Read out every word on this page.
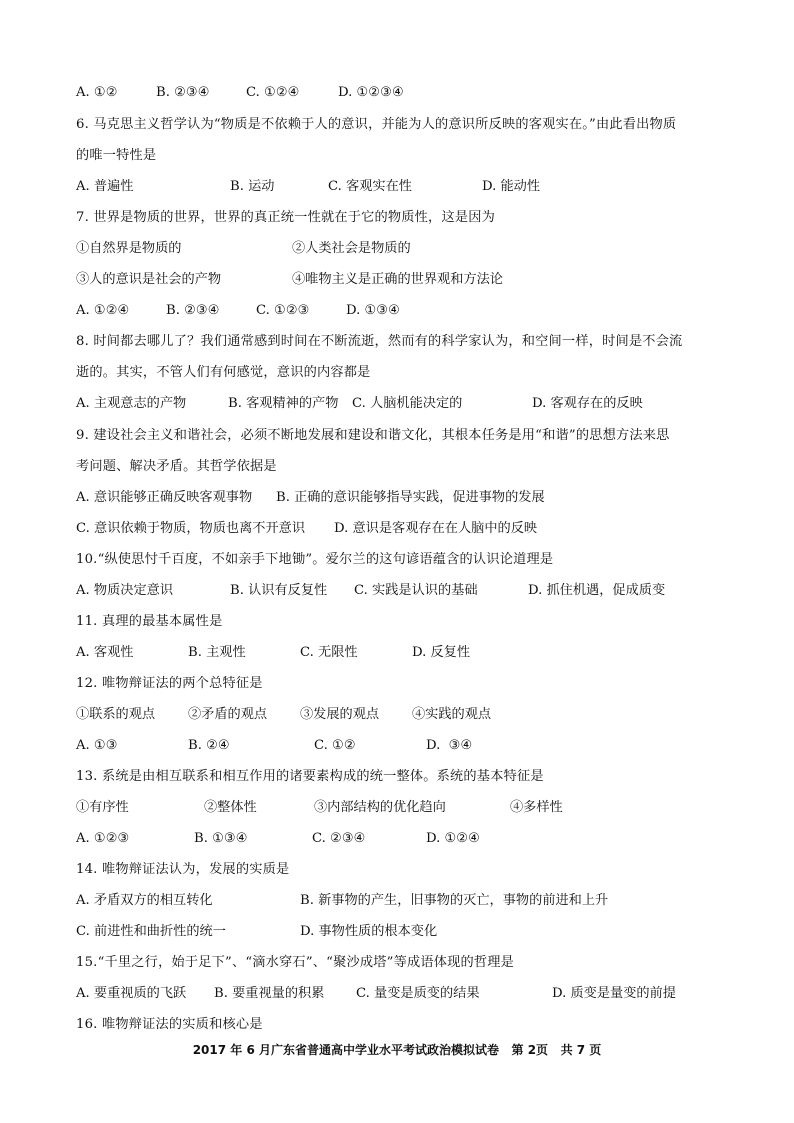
A. ①②	B. ②③④	C. ①②④	D. ①②③④
6. 马克思主义哲学认为“物质是不依赖于人的意识，并能为人的意识所反映的客观实在。”由此看出物质
的唯一特性是
A. 普遍性	B. 运动	C. 客观实在性	D. 能动性
7. 世界是物质的世界，世界的真正统一性就在于它的物质性，这是因为
①自然界是物质的	②人类社会是物质的
③人的意识是社会的产物	④唯物主义是正确的世界观和方法论
A. ①②④	B. ②③④	C. ①②③	D. ①③④
8. 时间都去哪儿了？我们通常感到时间在不断流逝，然而有的科学家认为，和空间一样，时间是不会流
逝的。其实，不管人们有何感觉，意识的内容都是
A. 主观意志的产物	B. 客观精神的产物 C. 人脑机能决定的	D. 客观存在的反映
9. 建设社会主义和谐社会，必须不断地发展和建设和谐文化，其根本任务是用“和谐”的思想方法来思
考问题、解决矛盾。其哲学依据是
A. 意识能够正确反映客观事物 B. 正确的意识能够指导实践，促进事物的发展
C. 意识依赖于物质，物质也离不开意识 D. 意识是客观存在在人脑中的反映
10.“纵使思忖千百度，不如亲手下地锄”。爱尔兰的这句谚语蕴含的认识论道理是
A. 物质决定意识	B. 认识有反复性 C. 实践是认识的基础	D. 抓住机遇，促成质变
11. 真理的最基本属性是
A. 客观性	B. 主观性	C. 无限性	D. 反复性
12. 唯物辩证法的两个总特征是
①联系的观点 ②矛盾的观点 ③发展的观点 ④实践的观点
A. ①③	B. ②④	C. ①②	D.  ③④
13. 系统是由相互联系和相互作用的诸要素构成的统一整体。系统的基本特征是
①有序性	②整体性	③内部结构的优化趋向	④多样性
A. ①②③	B. ①③④	C. ②③④	D. ①②④
14. 唯物辩证法认为，发展的实质是
A. 矛盾双方的相互转化	B. 新事物的产生，旧事物的灭亡，事物的前进和上升
C. 前进性和曲折性的统一	D. 事物性质的根本变化
15.“千里之行，始于足下”、“滴水穿石”、“聚沙成塔”等成语体现的哲理是
A. 要重视质的飞跃 B. 要重视量的积累 C. 量变是质变的结果	D. 质变是量变的前提
16. 唯物辩证法的实质和核心是
2017 年 6 月广东省普通高中学业水平考试政治模拟试卷   第 2页   共 7 页
